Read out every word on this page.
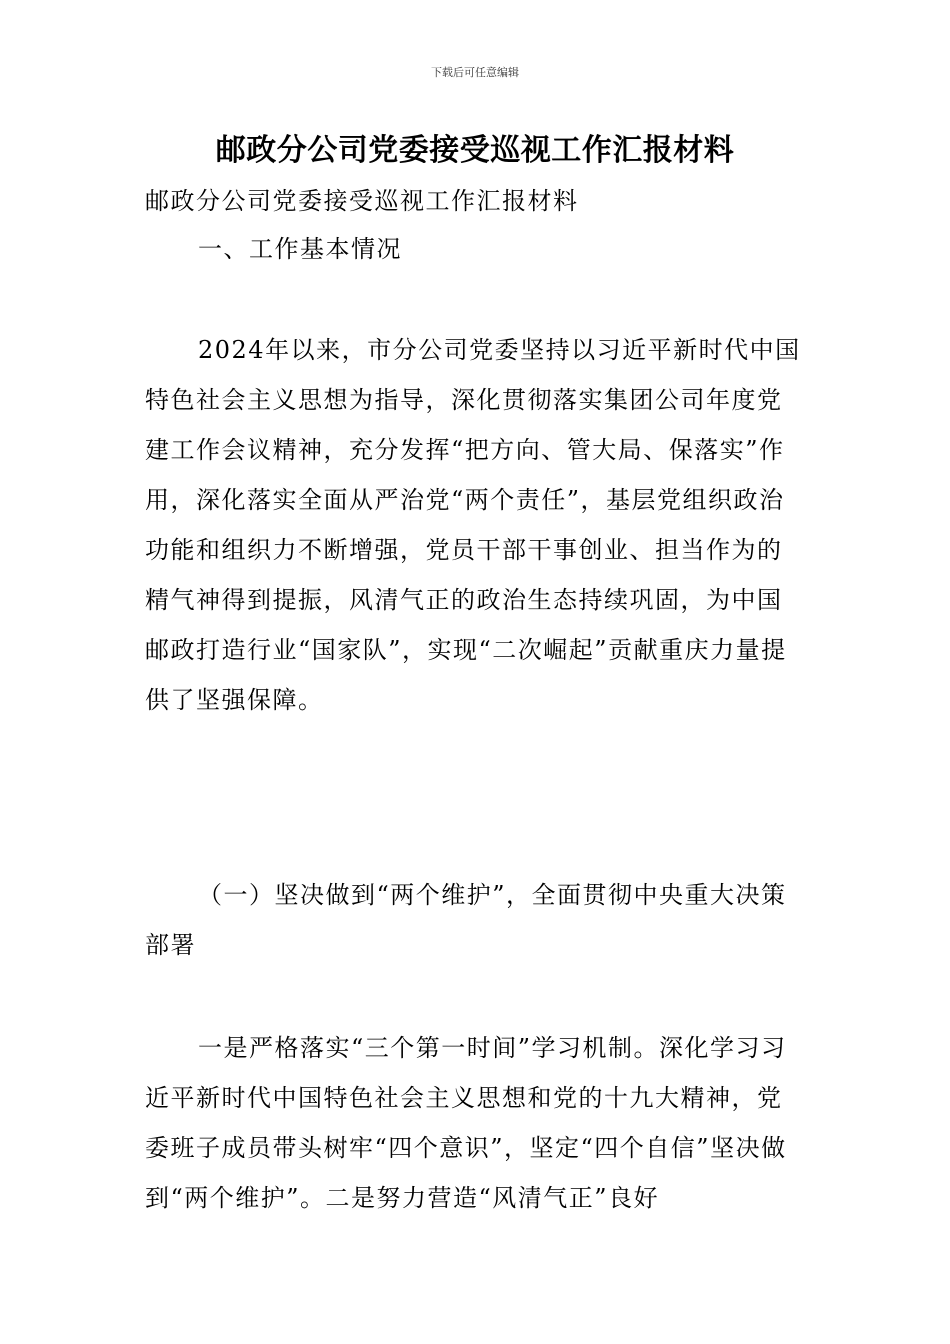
下载后可任意编辑
邮政分公司党委接受巡视工作汇报材料

邮政分公司党委接受巡视工作汇报材料

一、工作基本情况

2024年以来，市分公司党委坚持以习近平新时代中国特色社会主义思想为指导，深化贯彻落实集团公司年度党建工作会议精神，充分发挥“把方向、管大局、保落实”作用，深化落实全面从严治党“两个责任”，基层党组织政治功能和组织力不断增强，党员干部干事创业、担当作为的精气神得到提振，风清气正的政治生态持续巩固，为中国邮政打造行业“国家队”，实现“二次崛起”贡献重庆力量提供了坚强保障。

（一）坚决做到“两个维护”，全面贯彻中央重大决策部署

一是严格落实“三个第一时间”学习机制。深化学习习近平新时代中国特色社会主义思想和党的十九大精神，党委班子成员带头树牢“四个意识”，坚定“四个自信”坚决做到“两个维护”。二是努力营造“风清气正”良好
